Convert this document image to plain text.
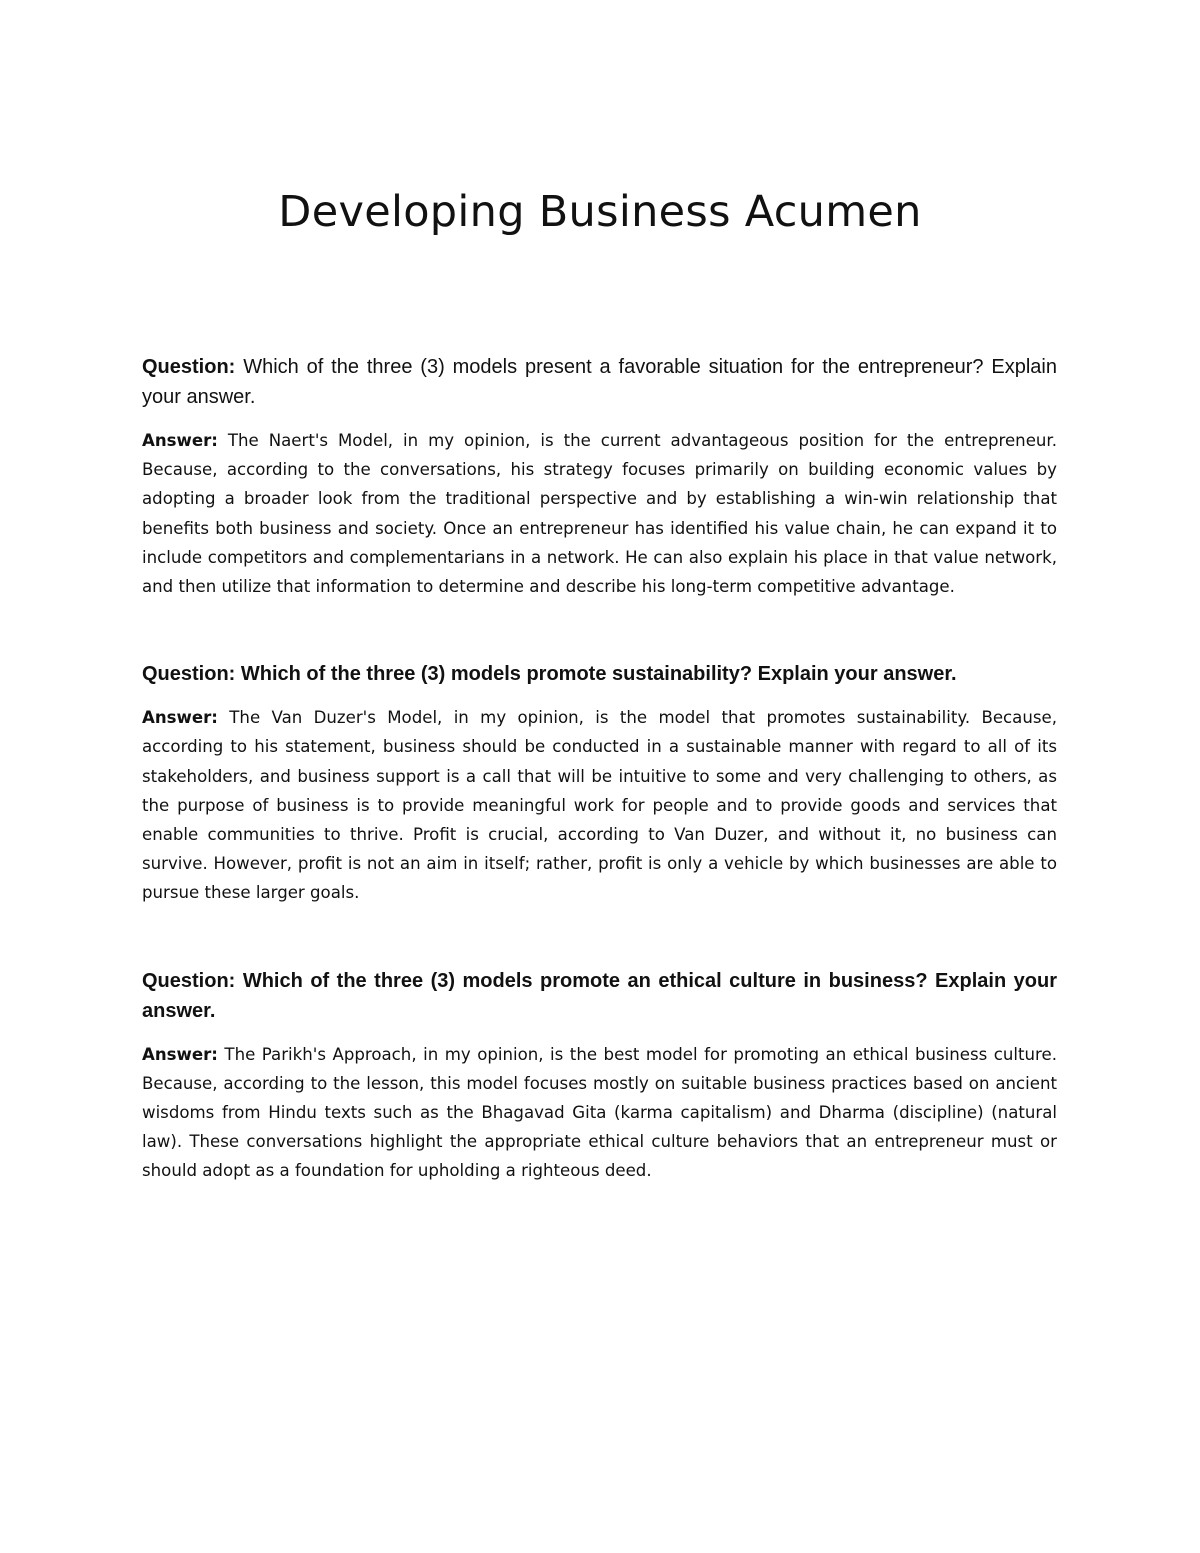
Developing Business Acumen

Question: Which of the three (3) models present a favorable situation for the entrepreneur? Explain your answer.

Answer: The Naert's Model, in my opinion, is the current advantageous position for the entrepreneur. Because, according to the conversations, his strategy focuses primarily on building economic values by adopting a broader look from the traditional perspective and by establishing a win-win relationship that benefits both business and society. Once an entrepreneur has identified his value chain, he can expand it to include competitors and complementarians in a network. He can also explain his place in that value network, and then utilize that information to determine and describe his long-term competitive advantage.

Question: Which of the three (3) models promote sustainability? Explain your answer.

Answer: The Van Duzer's Model, in my opinion, is the model that promotes sustainability. Because, according to his statement, business should be conducted in a sustainable manner with regard to all of its stakeholders, and business support is a call that will be intuitive to some and very challenging to others, as the purpose of business is to provide meaningful work for people and to provide goods and services that enable communities to thrive. Profit is crucial, according to Van Duzer, and without it, no business can survive. However, profit is not an aim in itself; rather, profit is only a vehicle by which businesses are able to pursue these larger goals.

Question: Which of the three (3) models promote an ethical culture in business? Explain your answer.

Answer: The Parikh's Approach, in my opinion, is the best model for promoting an ethical business culture. Because, according to the lesson, this model focuses mostly on suitable business practices based on ancient wisdoms from Hindu texts such as the Bhagavad Gita (karma capitalism) and Dharma (discipline) (natural law). These conversations highlight the appropriate ethical culture behaviors that an entrepreneur must or should adopt as a foundation for upholding a righteous deed.
